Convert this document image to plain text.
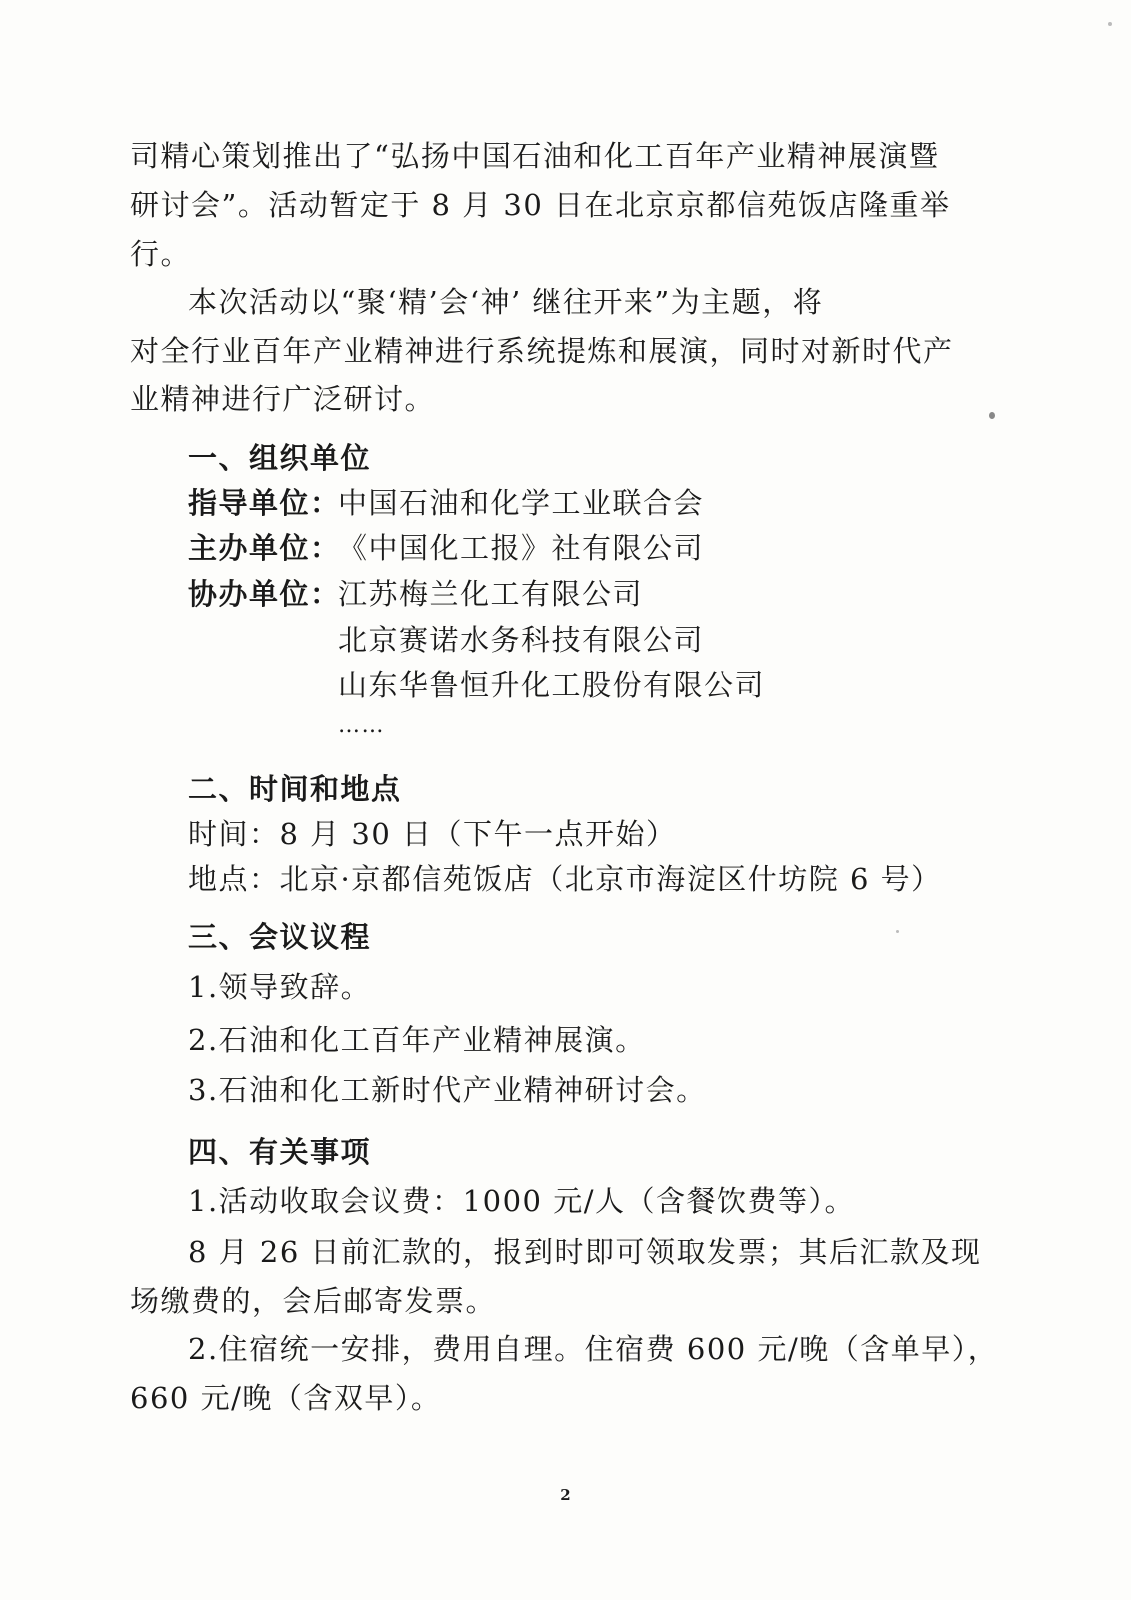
司精心策划推出了“弘扬中国石油和化工百年产业精神展演暨

研讨会”。活动暂定于 8 月 30 日在北京京都信苑饭店隆重举

行。

本次活动以“聚‘精’会‘神’ 继往开来”为主题，将

对全行业百年产业精神进行系统提炼和展演，同时对新时代产

业精神进行广泛研讨。

一、组织单位

指导单位：

中国石油和化学工业联合会

主办单位：

《中国化工报》社有限公司

协办单位：

江苏梅兰化工有限公司

北京赛诺水务科技有限公司

山东华鲁恒升化工股份有限公司

……

二、时间和地点

时间：8 月 30 日（下午一点开始）

地点：北京·京都信苑饭店（北京市海淀区什坊院 6 号）

三、会议议程

1.领导致辞。

2.石油和化工百年产业精神展演。

3.石油和化工新时代产业精神研讨会。

四、有关事项

1.活动收取会议费：1000 元/人（含餐饮费等）。

8 月 26 日前汇款的，报到时即可领取发票；其后汇款及现

场缴费的，会后邮寄发票。

2.住宿统一安排，费用自理。住宿费 600 元/晚（含单早），

660 元/晚（含双早）。

2
